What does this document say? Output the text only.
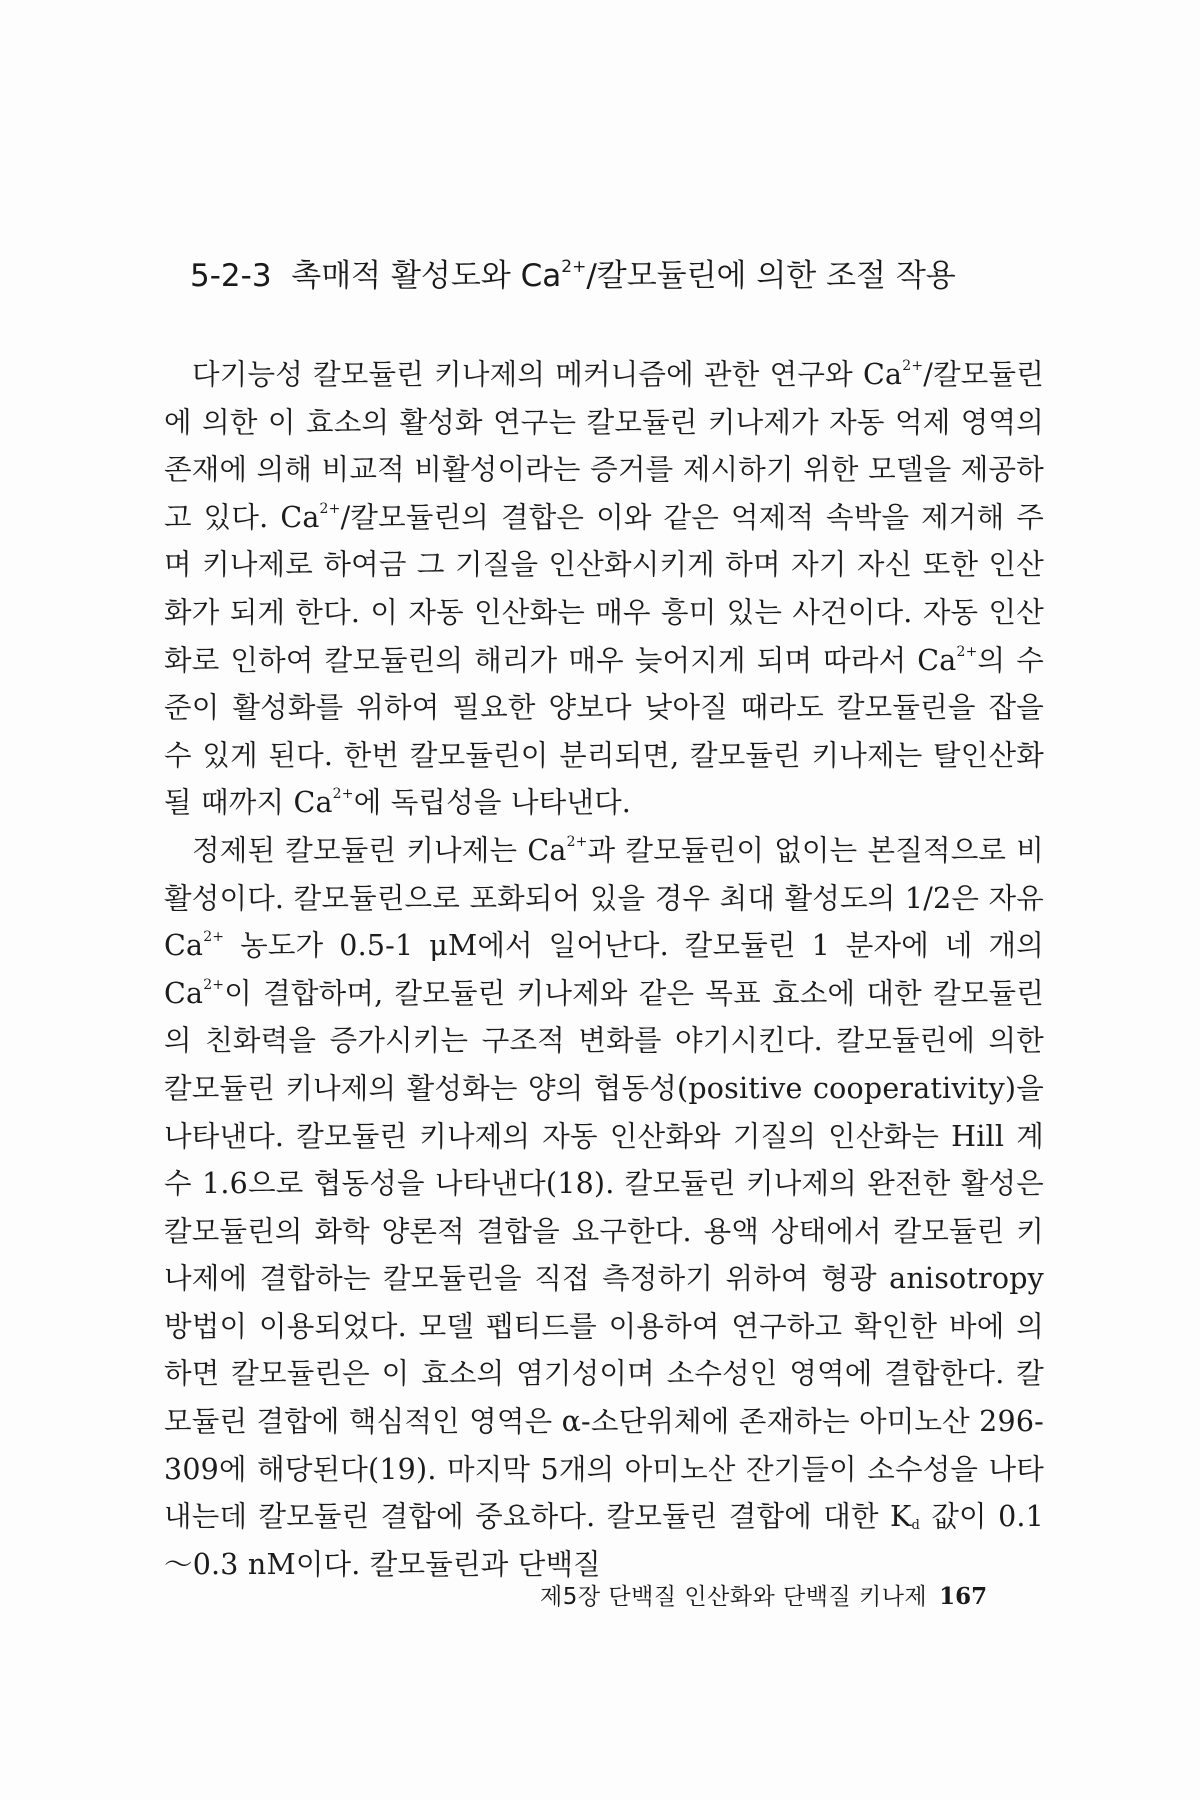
5-2-3 촉매적 활성도와 $Ca^{2+}/$칼모듈린에 의한 조절 작용

다기능성 칼모듈린 키나제의 메커니즘에 관한 연구와 $Ca^{2+}/$칼모듈린에 의한 이 효소의 활성화 연구는 칼모듈린 키나제가 자동 억제 영역의 존재에 의해 비교적 비활성이라는 증거를 제시하기 위한 모델을 제공하고 있다. $Ca^{2+}/$칼모듈린의 결합은 이와 같은 억제적 속박을 제거해 주며 키나제로 하여금 그 기질을 인산화시키게 하며 자기 자신 또한 인산화가 되게 한다. 이 자동 인산화는 매우 흥미 있는 사건이다. 자동 인산화로 인하여 칼모듈린의 해리가 매우 늦어지게 되며 따라서 $Ca^{2+}$의 수준이 활성화를 위하여 필요한 양보다 낮아질 때라도 칼모듈린을 잡을 수 있게 된다. 한번 칼모듈린이 분리되면, 칼모듈린 키나제는 탈인산화될 때까지 $Ca^{2+}$에 독립성을 나타낸다.

정제된 칼모듈린 키나제는 $Ca^{2+}$과 칼모듈린이 없이는 본질적으로 비활성이다. 칼모듈린으로 포화되어 있을 경우 최대 활성도의 1/2은 자유 $Ca^{2+}$ 농도가 0.5-1 μM에서 일어난다. 칼모듈린 1 분자에 네 개의 $Ca^{2+}$이 결합하며, 칼모듈린 키나제와 같은 목표 효소에 대한 칼모듈린의 친화력을 증가시키는 구조적 변화를 야기시킨다. 칼모듈린에 의한 칼모듈린 키나제의 활성화는 양의 협동성(positive cooperativity)을 나타낸다. 칼모듈린 키나제의 자동 인산화와 기질의 인산화는 Hill 계수 1.6으로 협동성을 나타낸다(18). 칼모듈린 키나제의 완전한 활성은 칼모듈린의 화학 양론적 결합을 요구한다. 용액 상태에서 칼모듈린 키나제에 결합하는 칼모듈린을 직접 측정하기 위하여 형광 anisotropy 방법이 이용되었다. 모델 펩티드를 이용하여 연구하고 확인한 바에 의하면 칼모듈린은 이 효소의 염기성이며 소수성인 영역에 결합한다. 칼모듈린 결합에 핵심적인 영역은 α-소단위체에 존재하는 아미노산 296-309에 해당된다(19). 마지막 5개의 아미노산 잔기들이 소수성을 나타내는데 칼모듈린 결합에 중요하다. 칼모듈린 결합에 대한 $K_d$ 값이 0.1～0.3 nM이다. 칼모듈린과 단백질

제5장 단백질 인산화와 단백질 키나제 167
